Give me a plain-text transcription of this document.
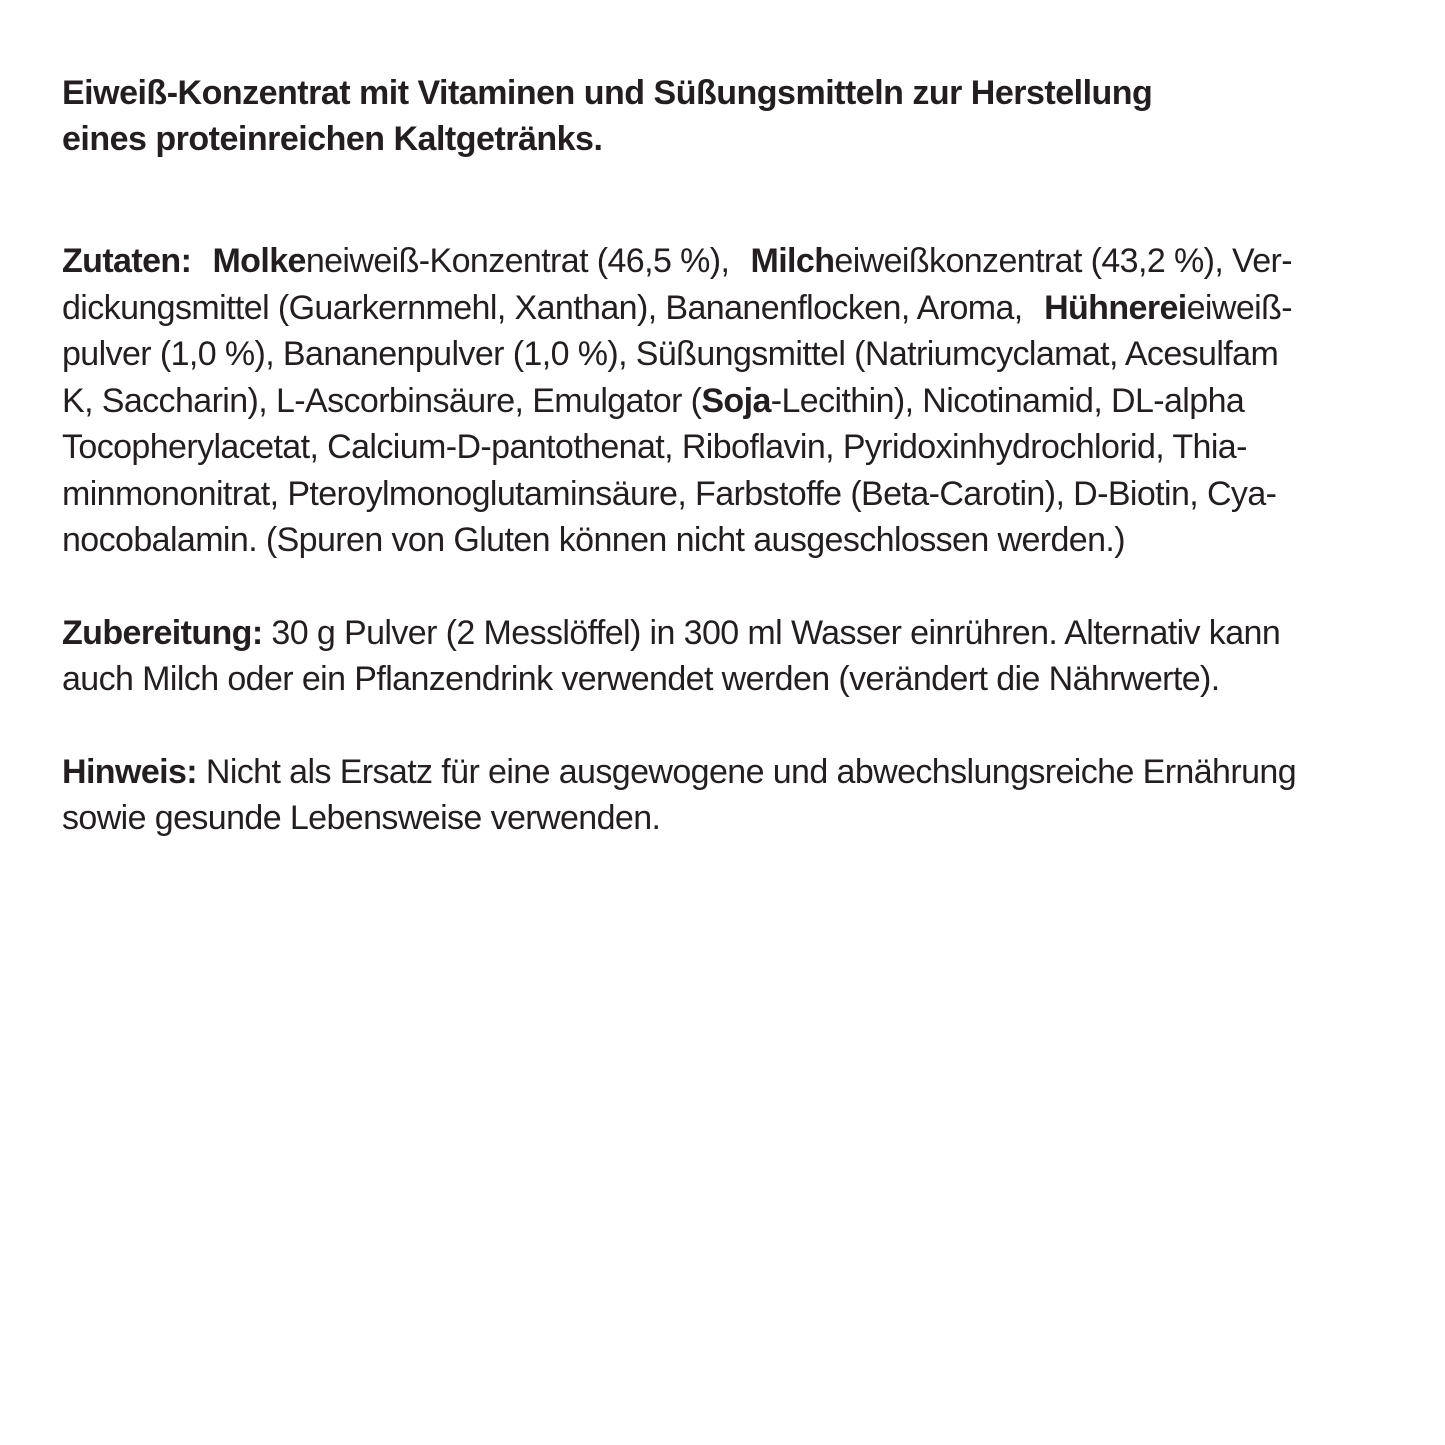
Eiweiß-Konzentrat mit Vitaminen und Süßungsmitteln zur Herstellung
eines proteinreichen Kaltgetränks.
Zutaten: Molkeneiweiß-Konzentrat (46,5 %), Milcheiweißkonzentrat (43,2 %), Ver-
dickungsmittel (Guarkernmehl, Xanthan), Bananenflocken, Aroma, Hühnereieiweiß-
pulver (1,0 %), Bananenpulver (1,0 %), Süßungsmittel (Natriumcyclamat, Acesulfam
K, Saccharin), L-Ascorbinsäure, Emulgator (Soja-Lecithin), Nicotinamid, DL-alpha
Tocopherylacetat, Calcium-D-pantothenat, Riboflavin, Pyridoxinhydrochlorid, Thia-
minmononitrat, Pteroylmonoglutaminsäure, Farbstoffe (Beta-Carotin), D-Biotin, Cya-
nocobalamin. (Spuren von Gluten können nicht ausgeschlossen werden.)
Zubereitung: 30 g Pulver (2 Messlöffel) in 300 ml Wasser einrühren. Alternativ kann
auch Milch oder ein Pflanzendrink verwendet werden (verändert die Nährwerte).
Hinweis: Nicht als Ersatz für eine ausgewogene und abwechslungsreiche Ernährung
sowie gesunde Lebensweise verwenden.
